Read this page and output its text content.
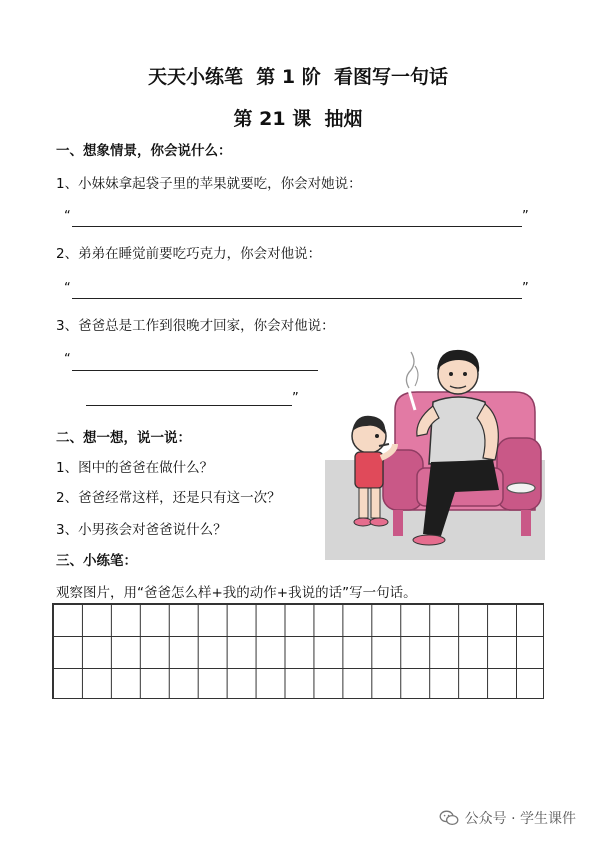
天天小练笔  第 1 阶  看图写一句话
第 21 课  抽烟
一、想象情景，你会说什么：
1、小妹妹拿起袋子里的苹果就要吃，你会对她说：
“	”
2、弟弟在睡觉前要吃巧克力，你会对他说：
“	”
3、爸爸总是工作到很晚才回家，你会对他说：
“
”
二、想一想，说一说：
1、图中的爸爸在做什么？
2、爸爸经常这样，还是只有这一次？
3、小男孩会对爸爸说什么？
三、小练笔：
观察图片，用“爸爸怎么样+我的动作+我说的话”写一句话。
公众号 · 学生课件
